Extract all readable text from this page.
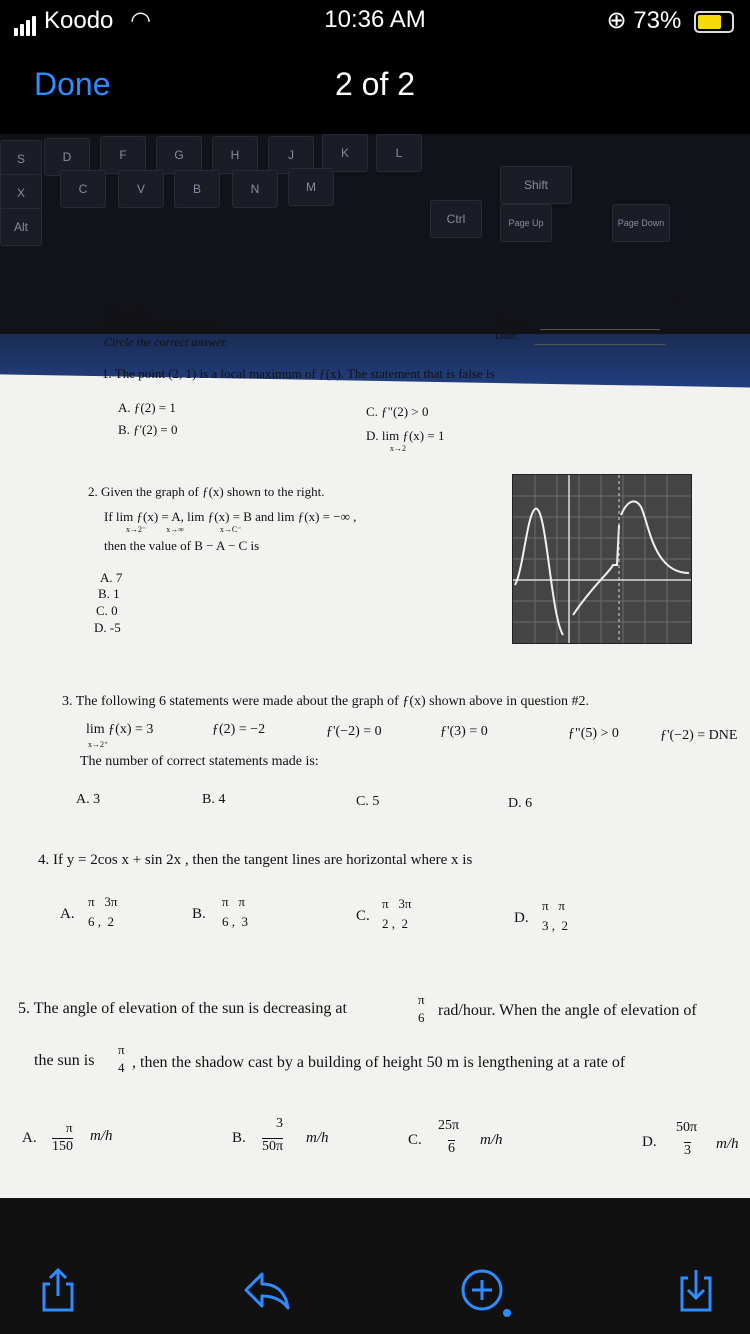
Koodo ◠	10:36 AM	⊕ 73%
Done	2 of 2
S	D	F	G	H	J	K	L
X	C	V	B	N	M
Alt
Ctrl
Shift
Page Up	Page Down
3
Math 31
Practice Final Set C
Circle the correct answer.
Name:
Date:
1. The point (2, 1) is a local maximum of ƒ(x). The statement that is false is
A. ƒ(2) = 1
B. ƒ'(2) = 0
C. ƒ"(2) > 0
D. lim ƒ(x) = 1
x→2
2. Given the graph of ƒ(x) shown to the right.
If lim ƒ(x) = A, lim ƒ(x) = B and lim ƒ(x) = −∞ ,
x→2⁻          x→∞                  x→C⁻
then the value of B − A − C is
A. 7
B. 1
C. 0
D. -5
3. The following 6 statements were made about the graph of ƒ(x) shown above in question #2.
lim ƒ(x) = 3
x→2⁺
ƒ(2) = −2	ƒ'(−2) = 0	ƒ'(3) = 0	ƒ"(5) > 0	ƒ'(−2) = DNE
The number of correct statements made is:
A. 3	B. 4	C. 5	D. 6
4. If y = 2cos x + sin 2x , then the tangent lines are horizontal where x is
A.
π   3π
6 ,  2	B.
π   π
6 ,  3	C.
π   3π
2 ,  2	D.
π   π
3 ,  2
5. The angle of elevation of the sun is decreasing at
π
6 rad/hour. When the angle of elevation of
the sun is
π
4 , then the shadow cast by a building of height 50 m is lengthening at a rate of
A.
π
150
m/h	B.
3
50π
m/h	C.
25π
6
m/h	D.
50π
3 m/h
